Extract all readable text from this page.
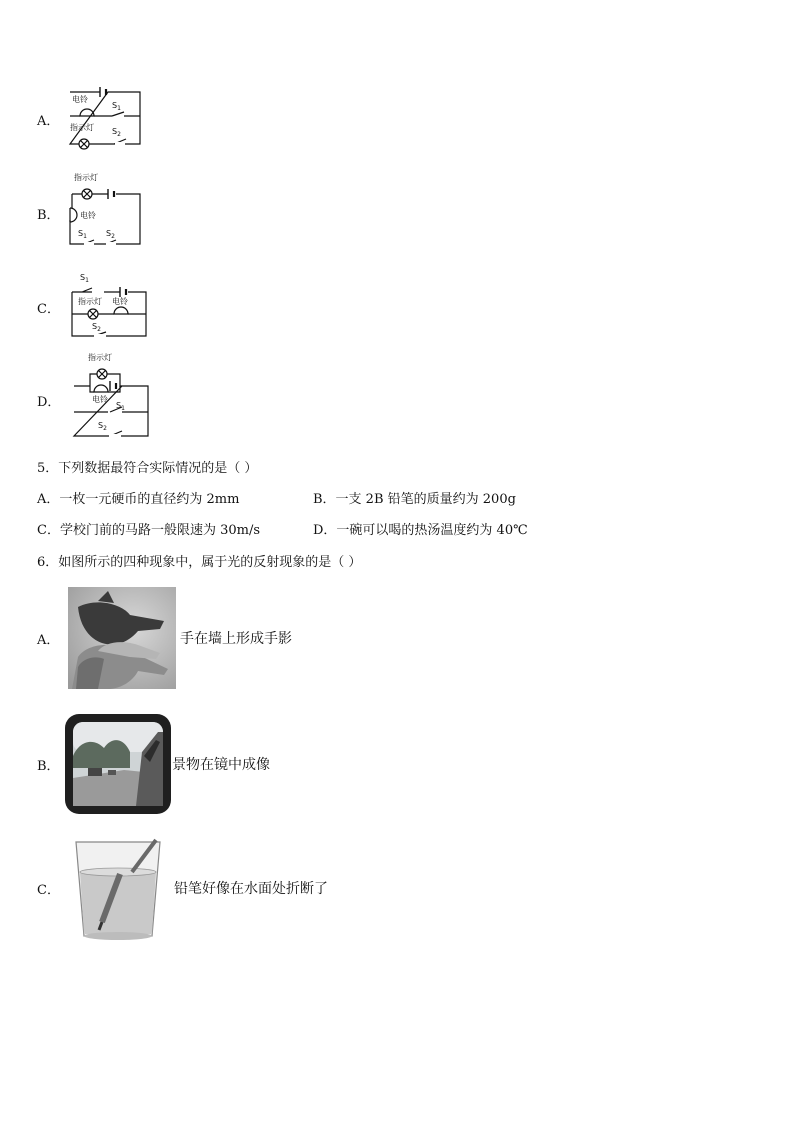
A．
电铃
$S_1$
指示灯 $S_2$
B．
指示灯
电铃
$S_1$ $S_2$
C．
$S_1$
指示灯 电铃
$S_2$
D．
指示灯
电铃
$S_1$
$S_2$
5．下列数据最符合实际情况的是（ ）
A．一枚一元硬币的直径约为 2mm	B．一支 2B 铅笔的质量约为 200g
C．学校门前的马路一般限速为 30m/s	D．一碗可以喝的热汤温度约为 40℃
6．如图所示的四种现象中，属于光的反射现象的是（ ）
A．	手在墙上形成手影
B．	景物在镜中成像
C．	铅笔好像在水面处折断了
